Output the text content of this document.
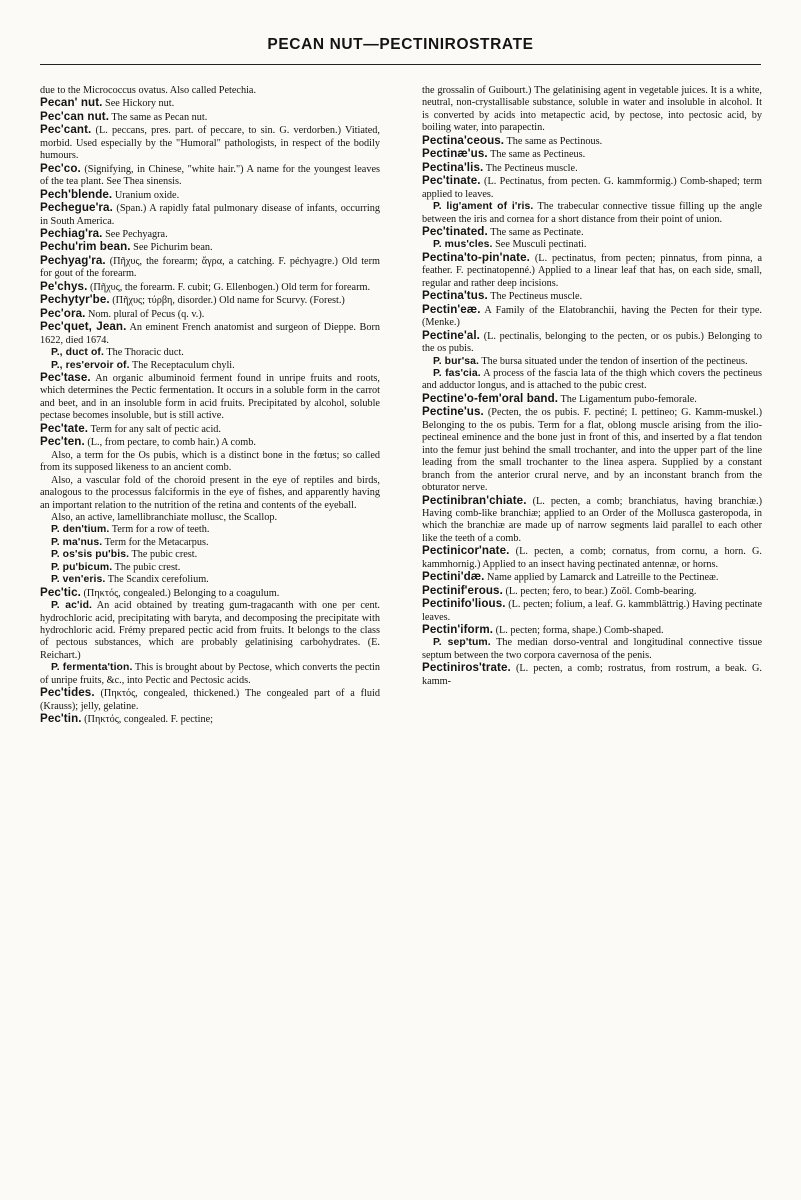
PECAN NUT—PECTINIROSTRATE

due to the Micrococcus ovatus. Also called Petechia.

Pecan' nut. See Hickory nut.

Pec'can nut. The same as Pecan nut.

Pec'cant. (L. peccans, pres. part. of peccare, to sin. G. verdorben.) Vitiated, morbid. Used especially by the "Humoral" pathologists, in respect of the bodily humours.

Pec'co. (Signifying, in Chinese, "white hair.") A name for the youngest leaves of the tea plant. See Thea sinensis.

Pech'blende. Uranium oxide.

Pechegue'ra. (Span.) A rapidly fatal pulmonary disease of infants, occurring in South America.

Pechiag'ra. See Pechyagra.

Pechu'rim bean. See Pichurim bean.

Pechyag'ra. (Πῆχυς, the forearm; ἄγρα, a catching. F. péchyagre.) Old term for gout of the forearm.

Pe'chys. (Πῆχυς, the forearm. F. cubit; G. Ellenbogen.) Old term for forearm.

Pechytyr'be. (Πῆχυς; τύρβη, disorder.) Old name for Scurvy. (Forest.)

Pec'ora. Nom. plural of Pecus (q. v.).

Pec'quet, Jean. An eminent French anatomist and surgeon of Dieppe. Born 1622, died 1674.

P., duct of. The Thoracic duct.

P., res'ervoir of. The Receptaculum chyli.

Pec'tase. An organic albuminoid ferment found in unripe fruits and roots, which determines the Pectic fermentation. It occurs in a soluble form in the carrot and beet, and in an insoluble form in acid fruits. Precipitated by alcohol, soluble pectase becomes insoluble, but is still active.

Pec'tate. Term for any salt of pectic acid.

Pec'ten. (L., from pectare, to comb hair.) A comb.

Also, a term for the Os pubis, which is a distinct bone in the fœtus; so called from its supposed likeness to an ancient comb.

Also, a vascular fold of the choroid present in the eye of reptiles and birds, analogous to the processus falciformis in the eye of fishes, and apparently having an important relation to the nutrition of the retina and contents of the eyeball.

Also, an active, lamellibranchiate mollusc, the Scallop.

P. den'tium. Term for a row of teeth.

P. ma'nus. Term for the Metacarpus.

P. os'sis pu'bis. The pubic crest.

P. pu'bicum. The pubic crest.

P. ven'eris. The Scandix cerefolium.

Pec'tic. (Πηκτός, congealed.) Belonging to a coagulum.

P. ac'id. An acid obtained by treating gum-tragacanth with one per cent. hydrochloric acid, precipitating with baryta, and decomposing the precipitate with hydrochloric acid. Frémy prepared pectic acid from fruits. It belongs to the class of pectous substances, which are probably gelatinising carbohydrates. (E. Reichart.)

P. fermenta'tion. This is brought about by Pectose, which converts the pectin of unripe fruits, &c., into Pectic and Pectosic acids.

Pec'tides. (Πηκτός, congealed, thickened.) The congealed part of a fluid (Krauss); jelly, gelatine.

Pec'tin. (Πηκτός, congealed. F. pectine;

the grossalin of Guibourt.) The gelatinising agent in vegetable juices. It is a white, neutral, non-crystallisable substance, soluble in water and insoluble in alcohol. It is converted by acids into metapectic acid, by pectose, into pectosic acid, by boiling water, into parapectin.

Pectina'ceous. The same as Pectinous.

Pectinæ'us. The same as Pectineus.

Pectina'lis. The Pectineus muscle.

Pec'tinate. (L. Pectinatus, from pecten. G. kammformig.) Comb-shaped; term applied to leaves.

P. lig'ament of i'ris. The trabecular connective tissue filling up the angle between the iris and cornea for a short distance from their point of union.

Pec'tinated. The same as Pectinate.

P. mus'cles. See Musculi pectinati.

Pectina'to-pin'nate. (L. pectinatus, from pecten; pinnatus, from pinna, a feather. F. pectinatopenné.) Applied to a linear leaf that has, on each side, small, regular and rather deep incisions.

Pectina'tus. The Pectineus muscle.

Pectin'eæ. A Family of the Elatobranchii, having the Pecten for their type. (Menke.)

Pectine'al. (L. pectinalis, belonging to the pecten, or os pubis.) Belonging to the os pubis.

P. bur'sa. The bursa situated under the tendon of insertion of the pectineus.

P. fas'cia. A process of the fascia lata of the thigh which covers the pectineus and adductor longus, and is attached to the pubic crest.

Pectine'o-fem'oral band. The Ligamentum pubo-femorale.

Pectine'us. (Pecten, the os pubis. F. pectiné; I. pettineo; G. Kamm-muskel.) Belonging to the os pubis. Term for a flat, oblong muscle arising from the ilio-pectineal eminence and the bone just in front of this, and inserted by a flat tendon into the femur just behind the small trochanter, and into the upper part of the line leading from the small trochanter to the linea aspera. Supplied by a constant branch from the anterior crural nerve, and by an inconstant branch from the obturator nerve.

Pectinibran'chiate. (L. pecten, a comb; branchiatus, having branchiæ.) Having comb-like branchiæ; applied to an Order of the Mollusca gasteropoda, in which the branchiæ are made up of narrow segments laid parallel to each other like the teeth of a comb.

Pectinicor'nate. (L. pecten, a comb; cornatus, from cornu, a horn. G. kammhornig.) Applied to an insect having pectinated antennæ, or horns.

Pectini'dæ. Name applied by Lamarck and Latreille to the Pectineæ.

Pectinif'erous. (L. pecten; fero, to bear.) Zoöl. Comb-bearing.

Pectinifo'lious. (L. pecten; folium, a leaf. G. kammblättrig.) Having pectinate leaves.

Pectin'iform. (L. pecten; forma, shape.) Comb-shaped.

P. sep'tum. The median dorso-ventral and longitudinal connective tissue septum between the two corpora cavernosa of the penis.

Pectiniros'trate. (L. pecten, a comb; rostratus, from rostrum, a beak. G. kamm-
